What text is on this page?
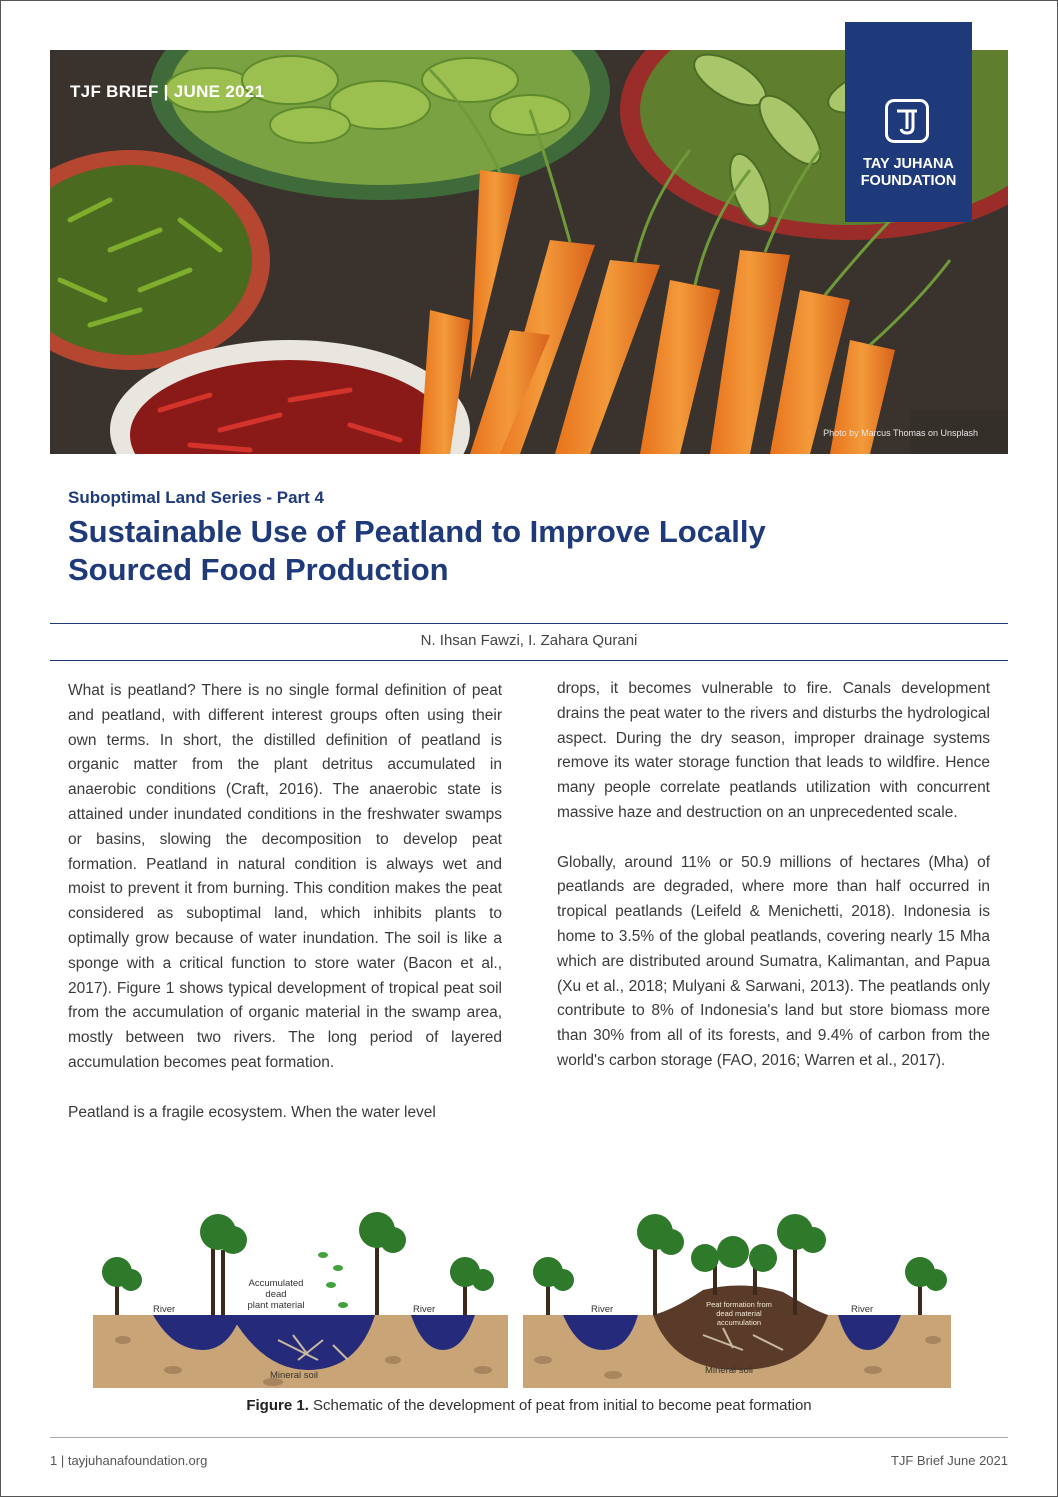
TJF BRIEF | JUNE 2021
Photo by Marcus Thomas on Unsplash
TAY JUHANA
FOUNDATION
Suboptimal Land Series - Part 4
Sustainable Use of Peatland to Improve Locally
Sourced Food Production
N. Ihsan Fawzi, I. Zahara Qurani

What is peatland? There is no single formal definition of peat and peatland, with different interest groups often using their own terms. In short, the distilled definition of peatland is organic matter from the plant detritus accumulated in anaerobic conditions (Craft, 2016). The anaerobic state is attained under inundated conditions in the freshwater swamps or basins, slowing the decomposition to develop peat formation. Peatland in natural condition is always wet and moist to prevent it from burning. This condition makes the peat considered as suboptimal land, which inhibits plants to optimally grow because of water inundation. The soil is like a sponge with a critical function to store water (Bacon et al., 2017). Figure 1 shows typical development of tropical peat soil from the accumulation of organic material in the swamp area, mostly between two rivers. The long period of layered accumulation becomes peat formation.

Peatland is a fragile ecosystem. When the water level

drops, it becomes vulnerable to fire. Canals development drains the peat water to the rivers and disturbs the hydrological aspect. During the dry season, improper drainage systems remove its water storage function that leads to wildfire. Hence many people correlate peatlands utilization with concurrent massive haze and destruction on an unprecedented scale.

Globally, around 11% or 50.9 millions of hectares (Mha) of peatlands are degraded, where more than half occurred in tropical peatlands (Leifeld & Menichetti, 2018). Indonesia is home to 3.5% of the global peatlands, covering nearly 15 Mha which are distributed around Sumatra, Kalimantan, and Papua (Xu et al., 2018; Mulyani & Sarwani, 2013). The peatlands only contribute to 8% of Indonesia's land but store biomass more than 30% from all of its forests, and 9.4% of carbon from the world's carbon storage (FAO, 2016; Warren et al., 2017).

River
Accumulated
dead
plant material	River
Mineral soil
River	Peat formation from
dead material
accumulation
River
Mineral soil
Figure 1. Schematic of the development of peat from initial to become peat formation
1 | tayjuhanafoundation.org	TJF Brief June 2021
